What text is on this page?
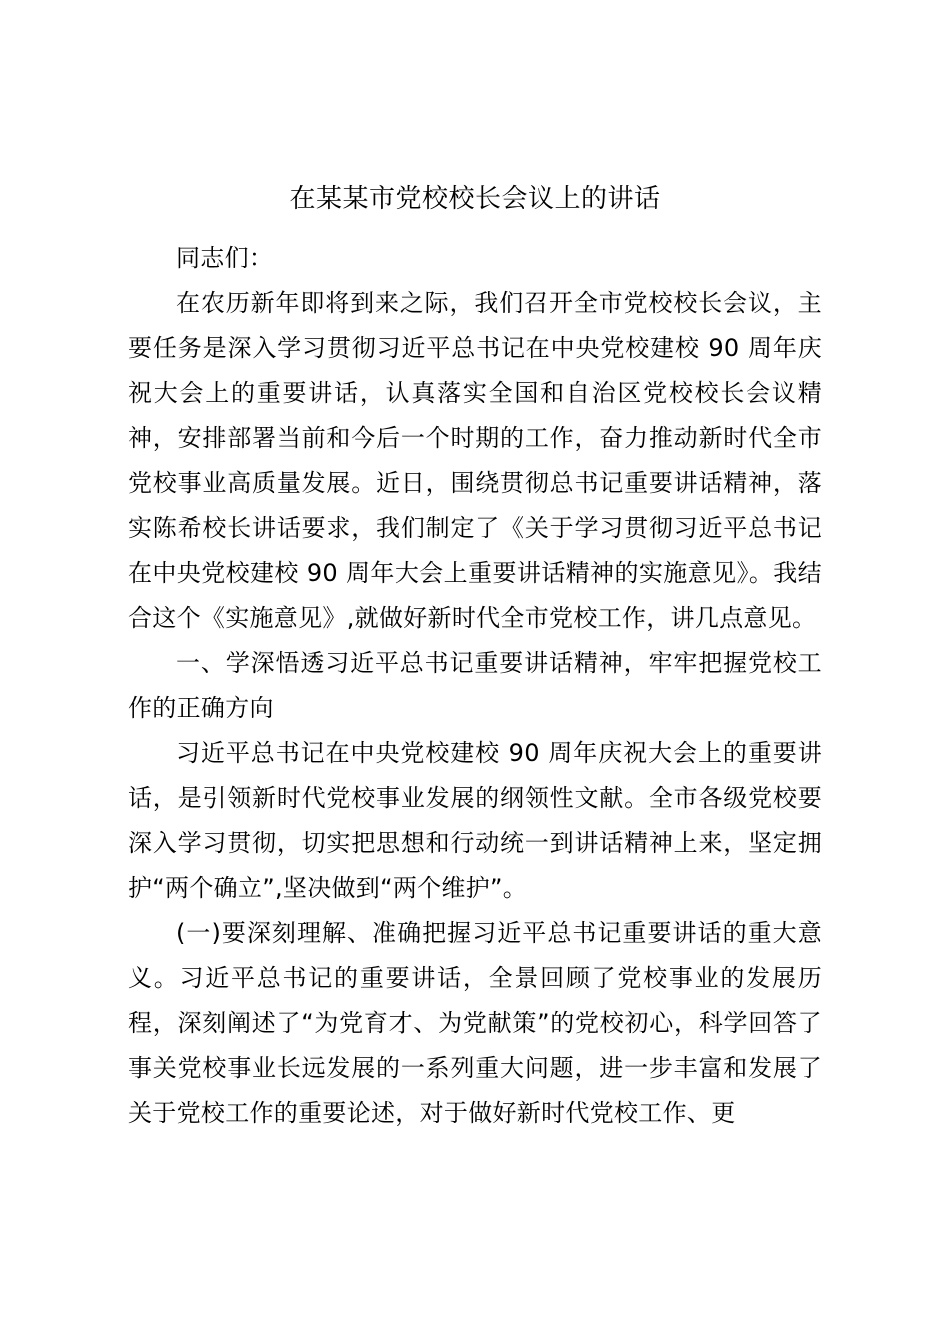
在某某市党校校长会议上的讲话

同志们：

在农历新年即将到来之际，我们召开全市党校校长会议，主要任务是深入学习贯彻习近平总书记在中央党校建校 90 周年庆祝大会上的重要讲话，认真落实全国和自治区党校校长会议精神，安排部署当前和今后一个时期的工作，奋力推动新时代全市党校事业高质量发展。近日，围绕贯彻总书记重要讲话精神，落实陈希校长讲话要求，我们制定了《关于学习贯彻习近平总书记在中央党校建校 90 周年大会上重要讲话精神的实施意见》。我结合这个《实施意见》,就做好新时代全市党校工作，讲几点意见。

一、学深悟透习近平总书记重要讲话精神，牢牢把握党校工作的正确方向

习近平总书记在中央党校建校 90 周年庆祝大会上的重要讲话，是引领新时代党校事业发展的纲领性文献。全市各级党校要深入学习贯彻，切实把思想和行动统一到讲话精神上来，坚定拥护“两个确立”,坚决做到“两个维护”。

(一)要深刻理解、准确把握习近平总书记重要讲话的重大意义。习近平总书记的重要讲话，全景回顾了党校事业的发展历程，深刻阐述了“为党育才、为党献策”的党校初心，科学回答了事关党校事业长远发展的一系列重大问题，进一步丰富和发展了关于党校工作的重要论述，对于做好新时代党校工作、更
